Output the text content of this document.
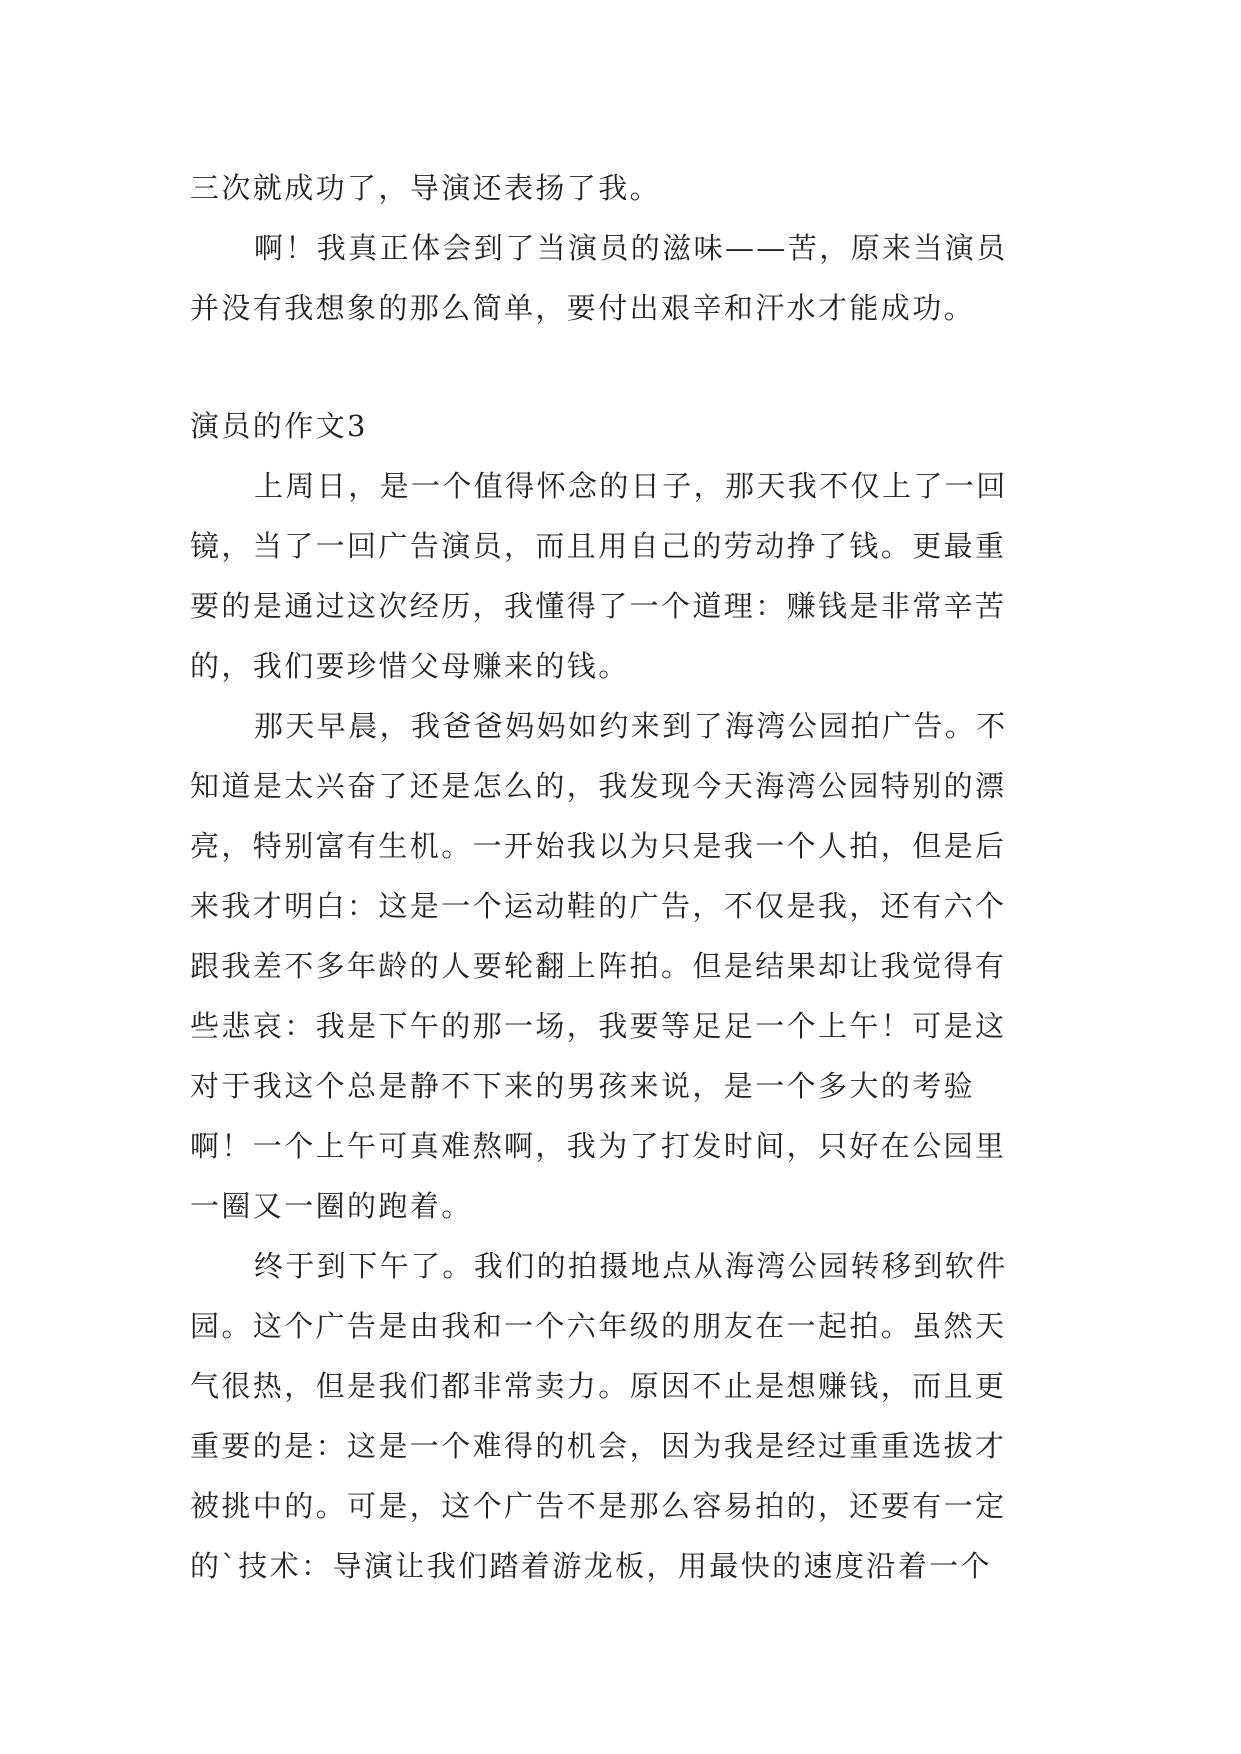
三次就成功了，导演还表扬了我。
啊！我真正体会到了当演员的滋味——苦，原来当演员
并没有我想象的那么简单，要付出艰辛和汗水才能成功。
演员的作文3
上周日，是一个值得怀念的日子，那天我不仅上了一回
镜，当了一回广告演员，而且用自己的劳动挣了钱。更最重
要的是通过这次经历，我懂得了一个道理：赚钱是非常辛苦
的，我们要珍惜父母赚来的钱。
那天早晨，我爸爸妈妈如约来到了海湾公园拍广告。不
知道是太兴奋了还是怎么的，我发现今天海湾公园特别的漂
亮，特别富有生机。一开始我以为只是我一个人拍，但是后
来我才明白：这是一个运动鞋的广告，不仅是我，还有六个
跟我差不多年龄的人要轮翻上阵拍。但是结果却让我觉得有
些悲哀：我是下午的那一场，我要等足足一个上午！可是这
对于我这个总是静不下来的男孩来说，是一个多大的考验
啊！一个上午可真难熬啊，我为了打发时间，只好在公园里
一圈又一圈的跑着。
终于到下午了。我们的拍摄地点从海湾公园转移到软件
园。这个广告是由我和一个六年级的朋友在一起拍。虽然天
气很热，但是我们都非常卖力。原因不止是想赚钱，而且更
重要的是：这是一个难得的机会，因为我是经过重重选拔才
被挑中的。可是，这个广告不是那么容易拍的，还要有一定
的`技术：导演让我们踏着游龙板，用最快的速度沿着一个
